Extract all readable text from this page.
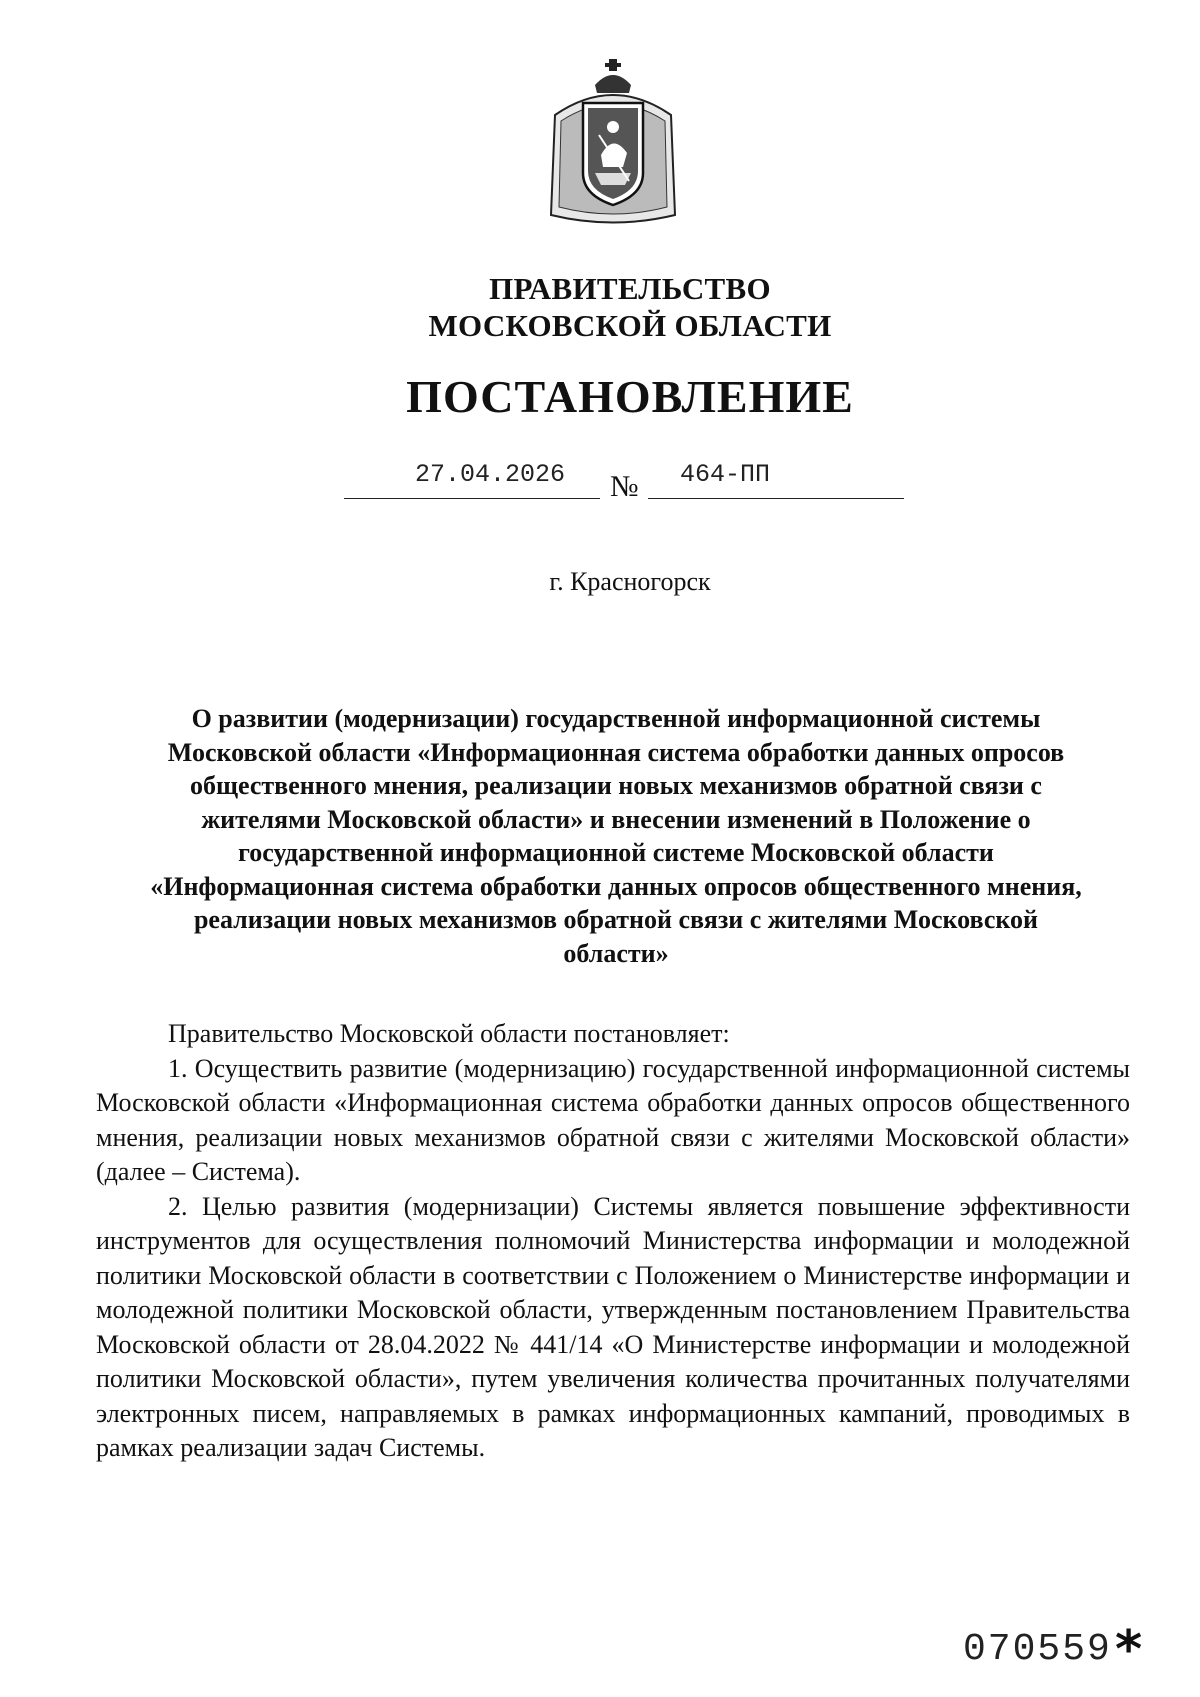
ПРАВИТЕЛЬСТВО
МОСКОВСКОЙ ОБЛАСТИ
ПОСТАНОВЛЕНИЕ
27.04.2026 № 464-ПП
г. Красногорск
О развитии (модернизации) государственной информационной системы
Московской области «Информационная система обработки данных опросов
общественного мнения, реализации новых механизмов обратной связи с
жителями Московской области» и внесении изменений в Положение о
государственной информационной системе Московской области
«Информационная система обработки данных опросов общественного мнения,
реализации новых механизмов обратной связи с жителями Московской
области»

Правительство Московской области постановляет:

1. Осуществить развитие (модернизацию) государственной информационной системы Московской области «Информационная система обработки данных опросов общественного мнения, реализации новых механизмов обратной связи с жителями Московской области» (далее – Система).

2. Целью развития (модернизации) Системы является повышение эффективности инструментов для осуществления полномочий Министерства информации и молодежной политики Московской области в соответствии с Положением о Министерстве информации и молодежной политики Московской области, утвержденным постановлением Правительства Московской области от 28.04.2022 № 441/14 «О Министерстве информации и молодежной политики Московской области», путем увеличения количества прочитанных получателями электронных писем, направляемых в рамках информационных кампаний, проводимых в рамках реализации задач Системы.

070559 *
